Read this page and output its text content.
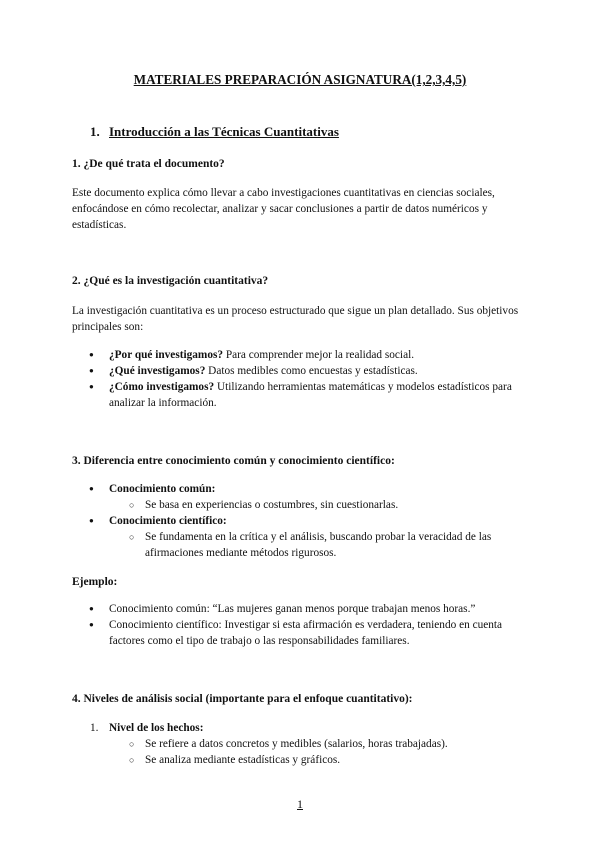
MATERIALES PREPARACIÓN ASIGNATURA(1,2,3,4,5)
1. Introducción a las Técnicas Cuantitativas
1. ¿De qué trata el documento?
Este documento explica cómo llevar a cabo investigaciones cuantitativas en ciencias sociales, enfocándose en cómo recolectar, analizar y sacar conclusiones a partir de datos numéricos y estadísticas.
2. ¿Qué es la investigación cuantitativa?
La investigación cuantitativa es un proceso estructurado que sigue un plan detallado. Sus objetivos principales son:
● ¿Por qué investigamos? Para comprender mejor la realidad social.
● ¿Qué investigamos? Datos medibles como encuestas y estadísticas.
● ¿Cómo investigamos? Utilizando herramientas matemáticas y modelos estadísticos para analizar la información.
3. Diferencia entre conocimiento común y conocimiento científico:
● Conocimiento común:
○ Se basa en experiencias o costumbres, sin cuestionarlas.
● Conocimiento científico:
○ Se fundamenta en la crítica y el análisis, buscando probar la veracidad de las afirmaciones mediante métodos rigurosos.
Ejemplo:
● Conocimiento común: “Las mujeres ganan menos porque trabajan menos horas.”
● Conocimiento científico: Investigar si esta afirmación es verdadera, teniendo en cuenta factores como el tipo de trabajo o las responsabilidades familiares.
4. Niveles de análisis social (importante para el enfoque cuantitativo):
1. Nivel de los hechos:
○ Se refiere a datos concretos y medibles (salarios, horas trabajadas).
○ Se analiza mediante estadísticas y gráficos.
1
